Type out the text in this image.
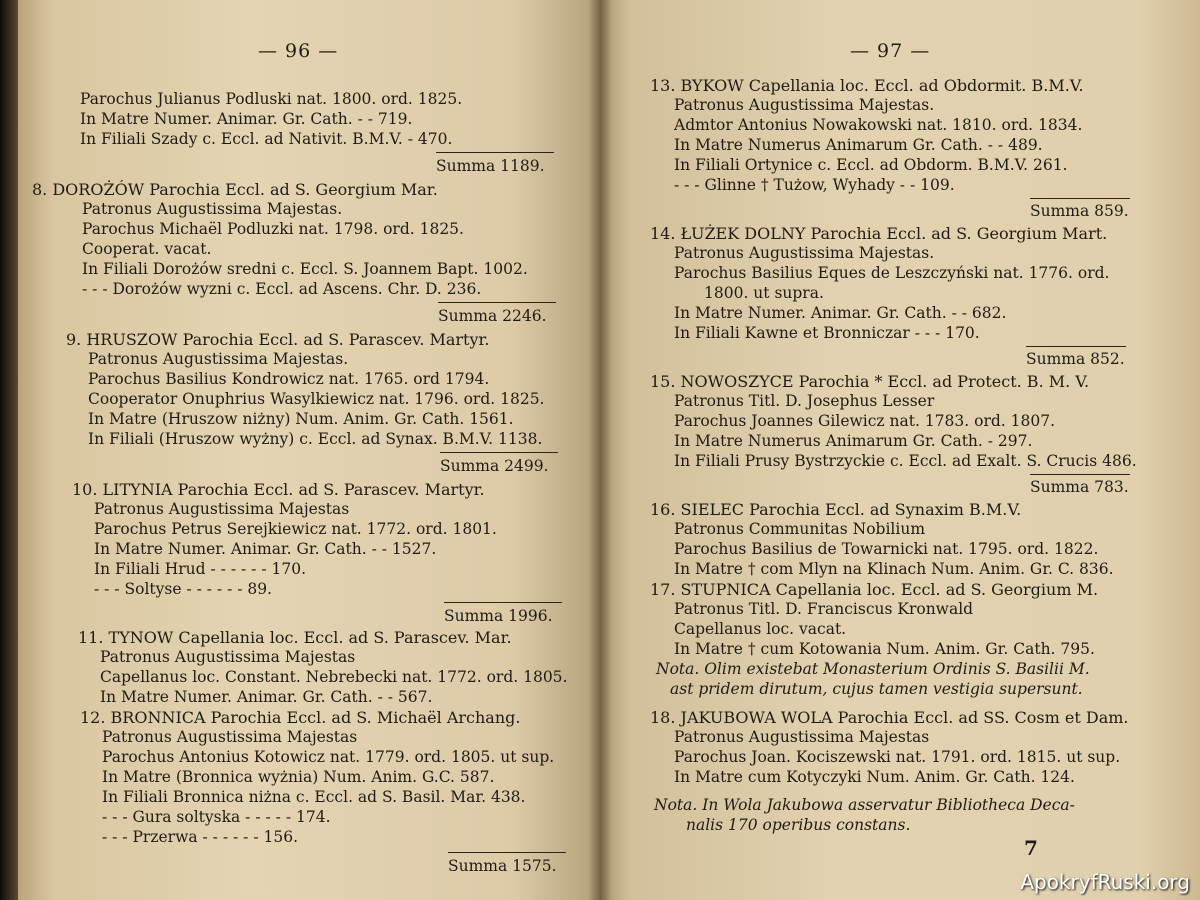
— 96 —
Parochus Julianus Podluski nat. 1800. ord. 1825.
In Matre Numer. Animar. Gr. Cath. - - 719.
In Filiali Szady c. Eccl. ad Nativit. B.M.V. - 470.
Summa 1189.
8. DOROŻÓW Parochia Eccl. ad S. Georgium Mar.
Patronus Augustissima Majestas.
Parochus Michaël Podluzki nat. 1798. ord. 1825.
Cooperat. vacat.
In Filiali Dorożów sredni c. Eccl. S. Joannem Bapt. 1002.
- - - Dorożów wyzni c. Eccl. ad Ascens. Chr. D. 236.
Summa 2246.
9. HRUSZOW Parochia Eccl. ad S. Parascev. Martyr.
Patronus Augustissima Majestas.
Parochus Basilius Kondrowicz nat. 1765. ord 1794.
Cooperator Onuphrius Wasylkiewicz nat. 1796. ord. 1825.
In Matre (Hruszow niżny) Num. Anim. Gr. Cath. 1561.
In Filiali (Hruszow wyżny) c. Eccl. ad Synax. B.M.V. 1138.
Summa 2499.
10. LITYNIA Parochia Eccl. ad S. Parascev. Martyr.
Patronus Augustissima Majestas
Parochus Petrus Serejkiewicz nat. 1772. ord. 1801.
In Matre Numer. Animar. Gr. Cath. - - 1527.
In Filiali Hrud - - - - - - 170.
- - - Soltyse - - - - - - 89.
Summa 1996.
11. TYNOW Capellania loc. Eccl. ad S. Parascev. Mar.
Patronus Augustissima Majestas
Capellanus loc. Constant. Nebrebecki nat. 1772. ord. 1805.
In Matre Numer. Animar. Gr. Cath. - - 567.
12. BRONNICA Parochia Eccl. ad S. Michaël Archang.
Patronus Augustissima Majestas
Parochus Antonius Kotowicz nat. 1779. ord. 1805. ut sup.
In Matre (Bronnica wyżnia) Num. Anim. G.C. 587.
In Filiali Bronnica niżna c. Eccl. ad S. Basil. Mar. 438.
- - - Gura soltyska - - - - - 174.
- - - Przerwa - - - - - - 156.
Summa 1575.
— 97 —
13. BYKOW Capellania loc. Eccl. ad Obdormit. B.M.V.
Patronus Augustissima Majestas.
Admtor Antonius Nowakowski nat. 1810. ord. 1834.
In Matre Numerus Animarum Gr. Cath. - - 489.
In Filiali Ortynice c. Eccl. ad Obdorm. B.M.V. 261.
- - - Glinne † Tużow, Wyhady - - 109.
Summa 859.
14. ŁUŻEK DOLNY Parochia Eccl. ad S. Georgium Mart.
Patronus Augustissima Majestas.
Parochus Basilius Eques de Leszczyński nat. 1776. ord.
1800. ut supra.
In Matre Numer. Animar. Gr. Cath. - - 682.
In Filiali Kawne et Bronniczar - - - 170.
Summa 852.
15. NOWOSZYCE Parochia * Eccl. ad Protect. B. M. V.
Patronus Titl. D. Josephus Lesser
Parochus Joannes Gilewicz nat. 1783. ord. 1807.
In Matre Numerus Animarum Gr. Cath. - 297.
In Filiali Prusy Bystrzyckie c. Eccl. ad Exalt. S. Crucis 486.
Summa 783.
16. SIELEC Parochia Eccl. ad Synaxim B.M.V.
Patronus Communitas Nobilium
Parochus Basilius de Towarnicki nat. 1795. ord. 1822.
In Matre † com Mlyn na Klinach Num. Anim. Gr. C. 836.
17. STUPNICA Capellania loc. Eccl. ad S. Georgium M.
Patronus Titl. D. Franciscus Kronwald
Capellanus loc. vacat.
In Matre † cum Kotowania Num. Anim. Gr. Cath. 795.
Nota. Olim existebat Monasterium Ordinis S. Basilii M.
ast pridem dirutum, cujus tamen vestigia supersunt.
18. JAKUBOWA WOLA Parochia Eccl. ad SS. Cosm et Dam.
Patronus Augustissima Majestas
Parochus Joan. Kociszewski nat. 1791. ord. 1815. ut sup.
In Matre cum Kotyczyki Num. Anim. Gr. Cath. 124.
Nota. In Wola Jakubowa asservatur Bibliotheca Deca-
nalis 170 operibus constans.
7
ApokryfRuski.org
